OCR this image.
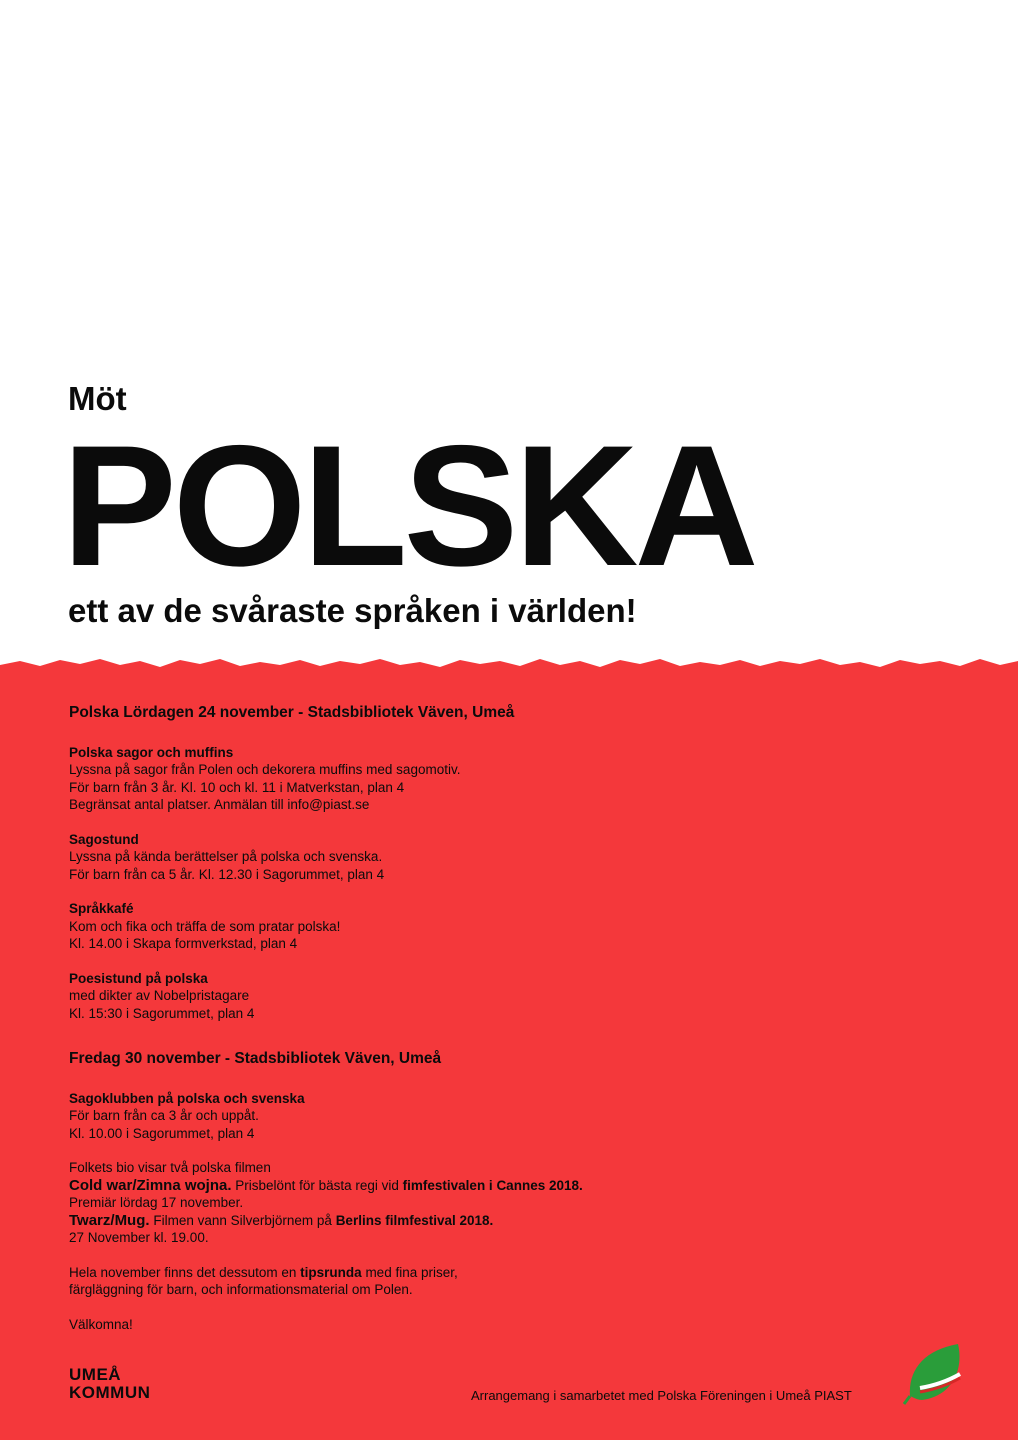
Möt
POLSKA
ett av de svåraste språken i världen!
Polska Lördagen 24 november - Stadsbibliotek Väven, Umeå
Polska sagor och muffins
Lyssna på sagor från Polen och dekorera muffins med sagomotiv.
För barn från 3 år. Kl. 10 och kl. 11 i Matverkstan, plan 4
Begränsat antal platser. Anmälan till info@piast.se
Sagostund
Lyssna på kända berättelser på polska och svenska.
För barn från ca 5 år. Kl. 12.30 i Sagorummet, plan 4
Språkkafé
Kom och fika och träffa de som pratar polska!
Kl. 14.00 i Skapa formverkstad, plan 4
Poesistund på polska
med dikter av Nobelpristagare
Kl. 15:30 i Sagorummet, plan 4
Fredag 30 november - Stadsbibliotek Väven, Umeå
Sagoklubben på polska och svenska
För barn från ca 3 år och uppåt.
Kl. 10.00 i Sagorummet, plan 4
Folkets bio visar två polska filmen
Cold war/Zimna wojna. Prisbelönt för bästa regi vid fimfestivalen i Cannes 2018.
Premiär lördag 17 november.
Twarz/Mug. Filmen vann Silverbjörnem på Berlins filmfestival 2018.
27 November kl. 19.00.
Hela november finns det dessutom en tipsrunda med fina priser,
färgläggning för barn, och informationsmaterial om Polen.
Välkomna!
UMEÅ
KOMMUN	Arrangemang i samarbetet med Polska Föreningen i Umeå PIAST
